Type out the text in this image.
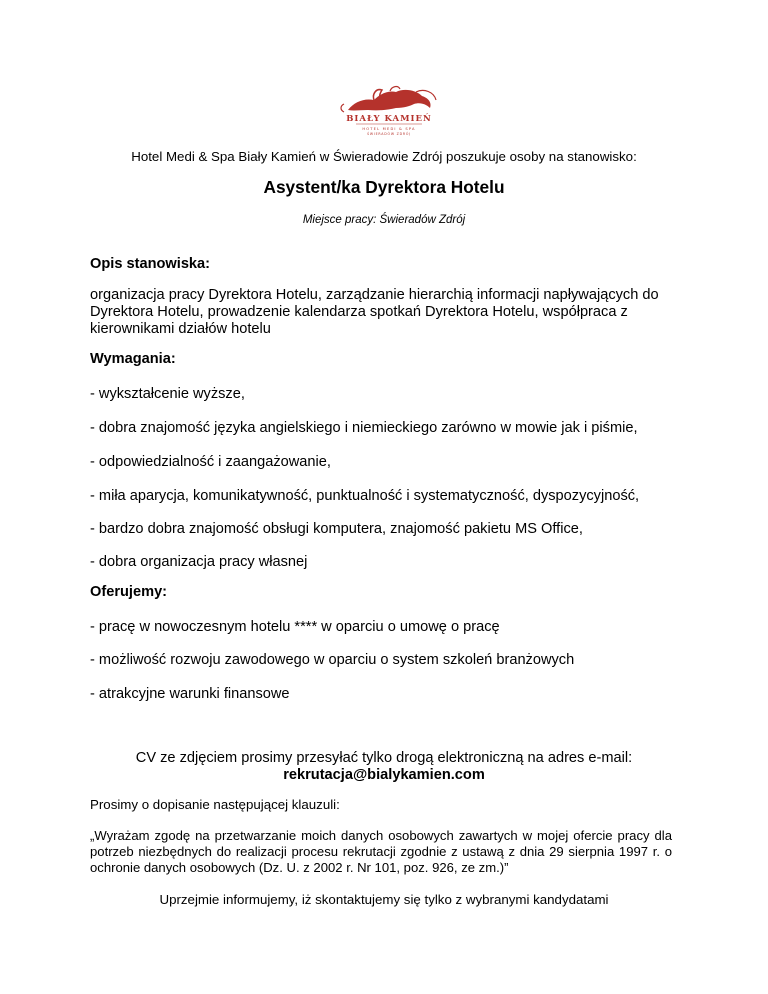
BIAŁY KAMIEŃ
HOTEL MEDI & SPA
ŚWIERADÓW ZDRÓJ
Hotel Medi & Spa Biały Kamień w Świeradowie Zdrój poszukuje osoby na stanowisko:
Asystent/ka Dyrektora Hotelu
Miejsce pracy: Świeradów Zdrój
Opis stanowiska:
organizacja pracy Dyrektora Hotelu, zarządzanie hierarchią informacji napływających do Dyrektora Hotelu, prowadzenie kalendarza spotkań Dyrektora Hotelu, współpraca z kierownikami działów hotelu
Wymagania:
- wykształcenie wyższe,
- dobra znajomość języka angielskiego i niemieckiego zarówno w mowie jak i piśmie,
- odpowiedzialność i zaangażowanie,
- miła aparycja, komunikatywność, punktualność i systematyczność, dyspozycyjność,
- bardzo dobra znajomość obsługi komputera, znajomość pakietu MS Office,
- dobra organizacja pracy własnej
Oferujemy:
- pracę w nowoczesnym hotelu **** w oparciu o umowę o pracę
- możliwość rozwoju zawodowego w oparciu o system szkoleń branżowych
- atrakcyjne warunki finansowe
CV ze zdjęciem prosimy przesyłać tylko drogą elektroniczną na adres e-mail:
rekrutacja@bialykamien.com
Prosimy o dopisanie następującej klauzuli:
„Wyrażam zgodę na przetwarzanie moich danych osobowych zawartych w mojej ofercie pracy dla potrzeb niezbędnych do realizacji procesu rekrutacji zgodnie z ustawą z dnia 29 sierpnia 1997 r. o ochronie danych osobowych (Dz. U. z 2002 r. Nr 101, poz. 926, ze zm.)”
Uprzejmie informujemy, iż skontaktujemy się tylko z wybranymi kandydatami
